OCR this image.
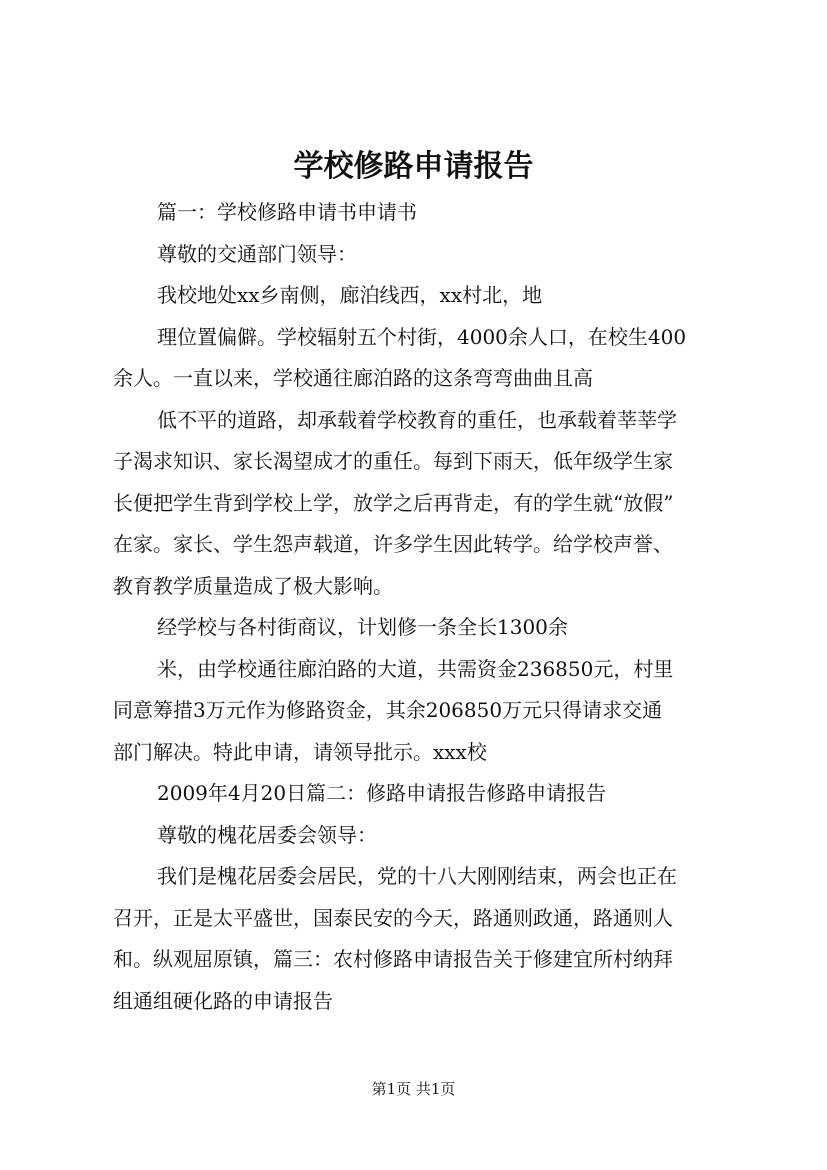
学校修路申请报告

篇一：学校修路申请书申请书

尊敬的交通部门领导：

我校地处xx乡南侧，廊泊线西，xx村北，地

理位置偏僻。学校辐射五个村街，4000余人口，在校生400

余人。一直以来，学校通往廊泊路的这条弯弯曲曲且高

低不平的道路，却承载着学校教育的重任，也承载着莘莘学

子渴求知识、家长渴望成才的重任。每到下雨天，低年级学生家

长便把学生背到学校上学，放学之后再背走，有的学生就“放假”

在家。家长、学生怨声载道，许多学生因此转学。给学校声誉、

教育教学质量造成了极大影响。

经学校与各村街商议，计划修一条全长1300余

米，由学校通往廊泊路的大道，共需资金236850元，村里

同意筹措3万元作为修路资金，其余206850万元只得请求交通

部门解决。特此申请，请领导批示。xxx校

2009年4月20日篇二：修路申请报告修路申请报告

尊敬的槐花居委会领导：

我们是槐花居委会居民，党的十八大刚刚结束，两会也正在

召开，正是太平盛世，国泰民安的今天，路通则政通，路通则人

和。纵观屈原镇，篇三：农村修路申请报告关于修建宜所村纳拜

组通组硬化路的申请报告

第1页 共1页
